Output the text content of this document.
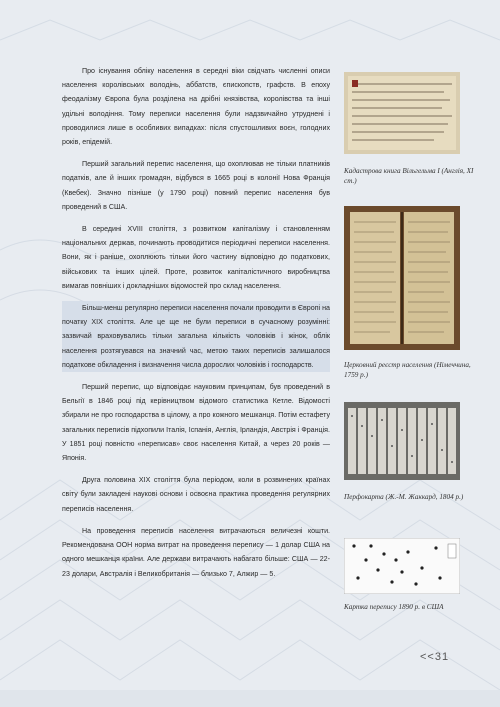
Про існування обліку населення в середні віки свідчать численні описи населення королівських володінь, аббатств, єпископств, графств. В епоху феодалізму Європа була розділена на дрібні князівства, королівства та інші удільні володіння. Тому переписи населення були надзвичайно утруднені і проводилися лише в особливих випадках: після спустошливих воєн, голодних років, епідемій.

Перший загальний перепис населення, що охоплював не тільки платників податків, але й інших громадян, відбувся в 1665 році в колонії Нова Франція (Квебек). Значно пізніше (у 1790 році) повний перепис населення був проведений в США.

В середині XVIII століття, з розвитком капіталізму і становленням національних держав, починають проводитися періодичні переписи населення. Вони, як і раніше, охоплюють тільки його частину відповідно до податкових, військових та інших цілей. Проте, розвиток капіталістичного виробництва вимагав повніших і докладніших відомостей про склад населення.

Більш-менш регулярно переписи населення почали проводити в Європі на початку XIX століття. Але це ще не були переписи в сучасному розумінні: зазвичай враховувались тільки загальна кількість чоловіків і жінок, облік населення розтягувався на значний час, метою таких переписів залишалося податкове обкладення і визначення числа дорослих чоловіків і господарств.

Перший перепис, що відповідає науковим принципам, був проведений в Бельгії в 1846 році під керівництвом відомого статистика Кетле. Відомості збирали не про господарства в цілому, а про кожного мешканця. Потім естафету загальних переписів підхопили Італія, Іспанія, Англія, Ірландія, Австрія і Франція. У 1851 році повністю «переписав» своє населення Китай, а через 20 років — Японія.

Друга половина XIX століття була періодом, коли в розвинених країнах світу були закладені наукові основи і освоєна практика проведення регулярних переписів населення.

На проведення переписів населення витрачаються величезні кошти. Рекомендована ООН норма витрат на проведення перепису — 1 долар США на одного мешканця країни. Але держави витрачають набагато більше: США — 22-23 долари, Австралія і Великобританія — близько 7, Алжир — 5.

Кадастрова книга Вільгельма І (Англія, XI ст.)
Церковний реєстр населення (Німеччина, 1759 р.)
Перфокарта (Ж.-М. Жаккард, 1804 р.)
Картка перепису 1890 р. в США
<<31
